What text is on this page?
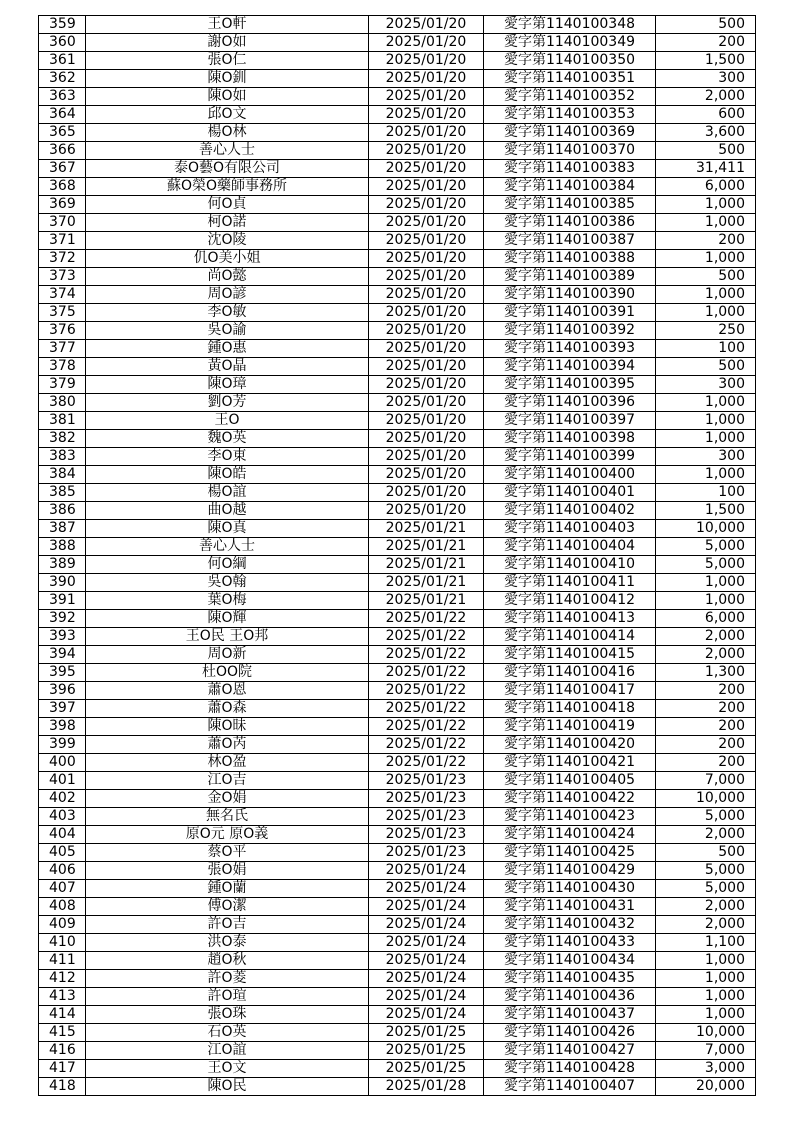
359	王O軒	2025/01/20	愛字第1140100348	500
360	謝O如	2025/01/20	愛字第1140100349	200
361	張O仁	2025/01/20	愛字第1140100350	1,500
362	陳O釧	2025/01/20	愛字第1140100351	300
363	陳O如	2025/01/20	愛字第1140100352	2,000
364	邱O文	2025/01/20	愛字第1140100353	600
365	楊O林	2025/01/20	愛字第1140100369	3,600
366	善心人士	2025/01/20	愛字第1140100370	500
367	泰O藝O有限公司	2025/01/20	愛字第1140100383	31,411
368	蘇O榮O藥師事務所	2025/01/20	愛字第1140100384	6,000
369	何O貞	2025/01/20	愛字第1140100385	1,000
370	柯O諾	2025/01/20	愛字第1140100386	1,000
371	沈O陵	2025/01/20	愛字第1140100387	200
372	仉O美小姐	2025/01/20	愛字第1140100388	1,000
373	尚O懿	2025/01/20	愛字第1140100389	500
374	周O諺	2025/01/20	愛字第1140100390	1,000
375	李O敏	2025/01/20	愛字第1140100391	1,000
376	吳O諭	2025/01/20	愛字第1140100392	250
377	鍾O惠	2025/01/20	愛字第1140100393	100
378	黃O晶	2025/01/20	愛字第1140100394	500
379	陳O璋	2025/01/20	愛字第1140100395	300
380	劉O芳	2025/01/20	愛字第1140100396	1,000
381	王O	2025/01/20	愛字第1140100397	1,000
382	魏O英	2025/01/20	愛字第1140100398	1,000
383	李O東	2025/01/20	愛字第1140100399	300
384	陳O皓	2025/01/20	愛字第1140100400	1,000
385	楊O誼	2025/01/20	愛字第1140100401	100
386	曲O越	2025/01/20	愛字第1140100402	1,500
387	陳O真	2025/01/21	愛字第1140100403	10,000
388	善心人士	2025/01/21	愛字第1140100404	5,000
389	何O綱	2025/01/21	愛字第1140100410	5,000
390	吳O翰	2025/01/21	愛字第1140100411	1,000
391	葉O梅	2025/01/21	愛字第1140100412	1,000
392	陳O輝	2025/01/22	愛字第1140100413	6,000
393	王O民 王O邦	2025/01/22	愛字第1140100414	2,000
394	周O新	2025/01/22	愛字第1140100415	2,000
395	杜OO院	2025/01/22	愛字第1140100416	1,300
396	蕭O恩	2025/01/22	愛字第1140100417	200
397	蕭O森	2025/01/22	愛字第1140100418	200
398	陳O昧	2025/01/22	愛字第1140100419	200
399	蕭O芮	2025/01/22	愛字第1140100420	200
400	林O盈	2025/01/22	愛字第1140100421	200
401	江O吉	2025/01/23	愛字第1140100405	7,000
402	金O娟	2025/01/23	愛字第1140100422	10,000
403	無名氏	2025/01/23	愛字第1140100423	5,000
404	原O元 原O義	2025/01/23	愛字第1140100424	2,000
405	蔡O平	2025/01/23	愛字第1140100425	500
406	張O娟	2025/01/24	愛字第1140100429	5,000
407	鍾O蘭	2025/01/24	愛字第1140100430	5,000
408	傅O潔	2025/01/24	愛字第1140100431	2,000
409	許O吉	2025/01/24	愛字第1140100432	2,000
410	洪O泰	2025/01/24	愛字第1140100433	1,100
411	趙O秋	2025/01/24	愛字第1140100434	1,000
412	許O菱	2025/01/24	愛字第1140100435	1,000
413	許O瑄	2025/01/24	愛字第1140100436	1,000
414	張O珠	2025/01/24	愛字第1140100437	1,000
415	石O英	2025/01/25	愛字第1140100426	10,000
416	江O誼	2025/01/25	愛字第1140100427	7,000
417	王O文	2025/01/25	愛字第1140100428	3,000
418	陳O民	2025/01/28	愛字第1140100407	20,000
